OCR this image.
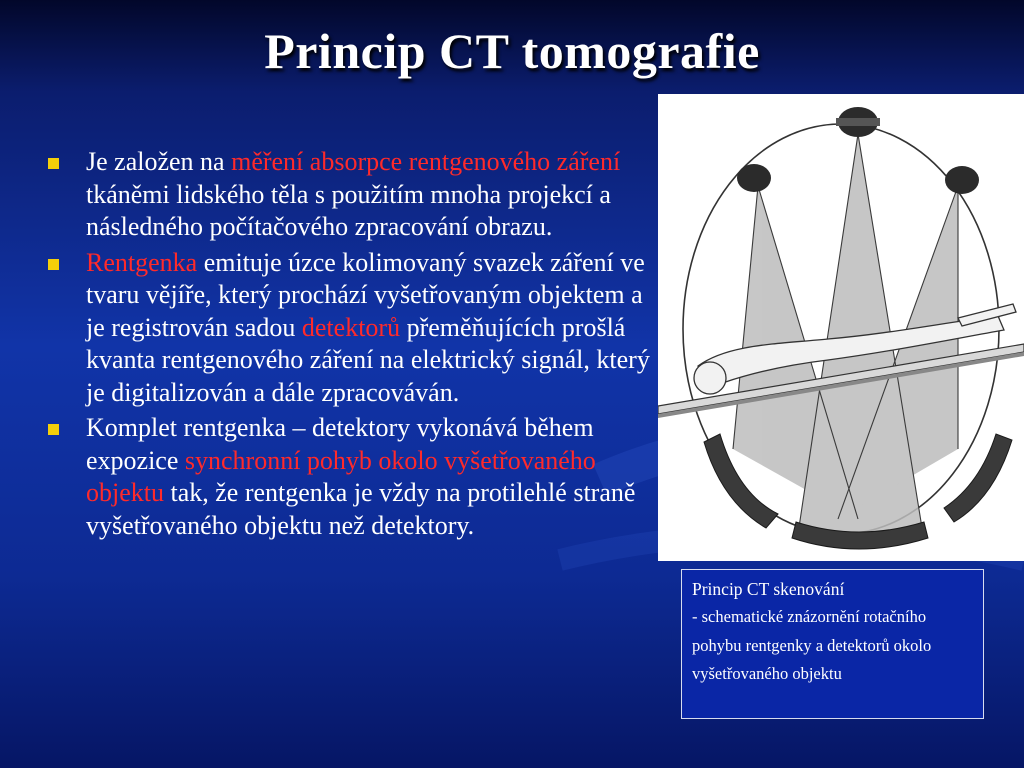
Princip CT tomografie
Je založen na měření absorpce rentgenového záření tkáněmi lidského těla s použitím mnoha projekcí a následného počítačového zpracování obrazu.
Rentgenka emituje úzce kolimovaný svazek záření ve tvaru vějíře, který prochází vyšetřovaným objektem a je registrován sadou detektorů přeměňujících prošlá kvanta rentgenového záření na elektrický signál, který je digitalizován a dále zpracováván.
Komplet rentgenka – detektory vykonává během expozice synchronní pohyb okolo vyšetřovaného objektu tak, že rentgenka je vždy na protilehlé straně vyšetřovaného objektu než detektory.
Princip CT skenování
- schematické znázornění rotačního pohybu rentgenky a detektorů okolo vyšetřovaného objektu
